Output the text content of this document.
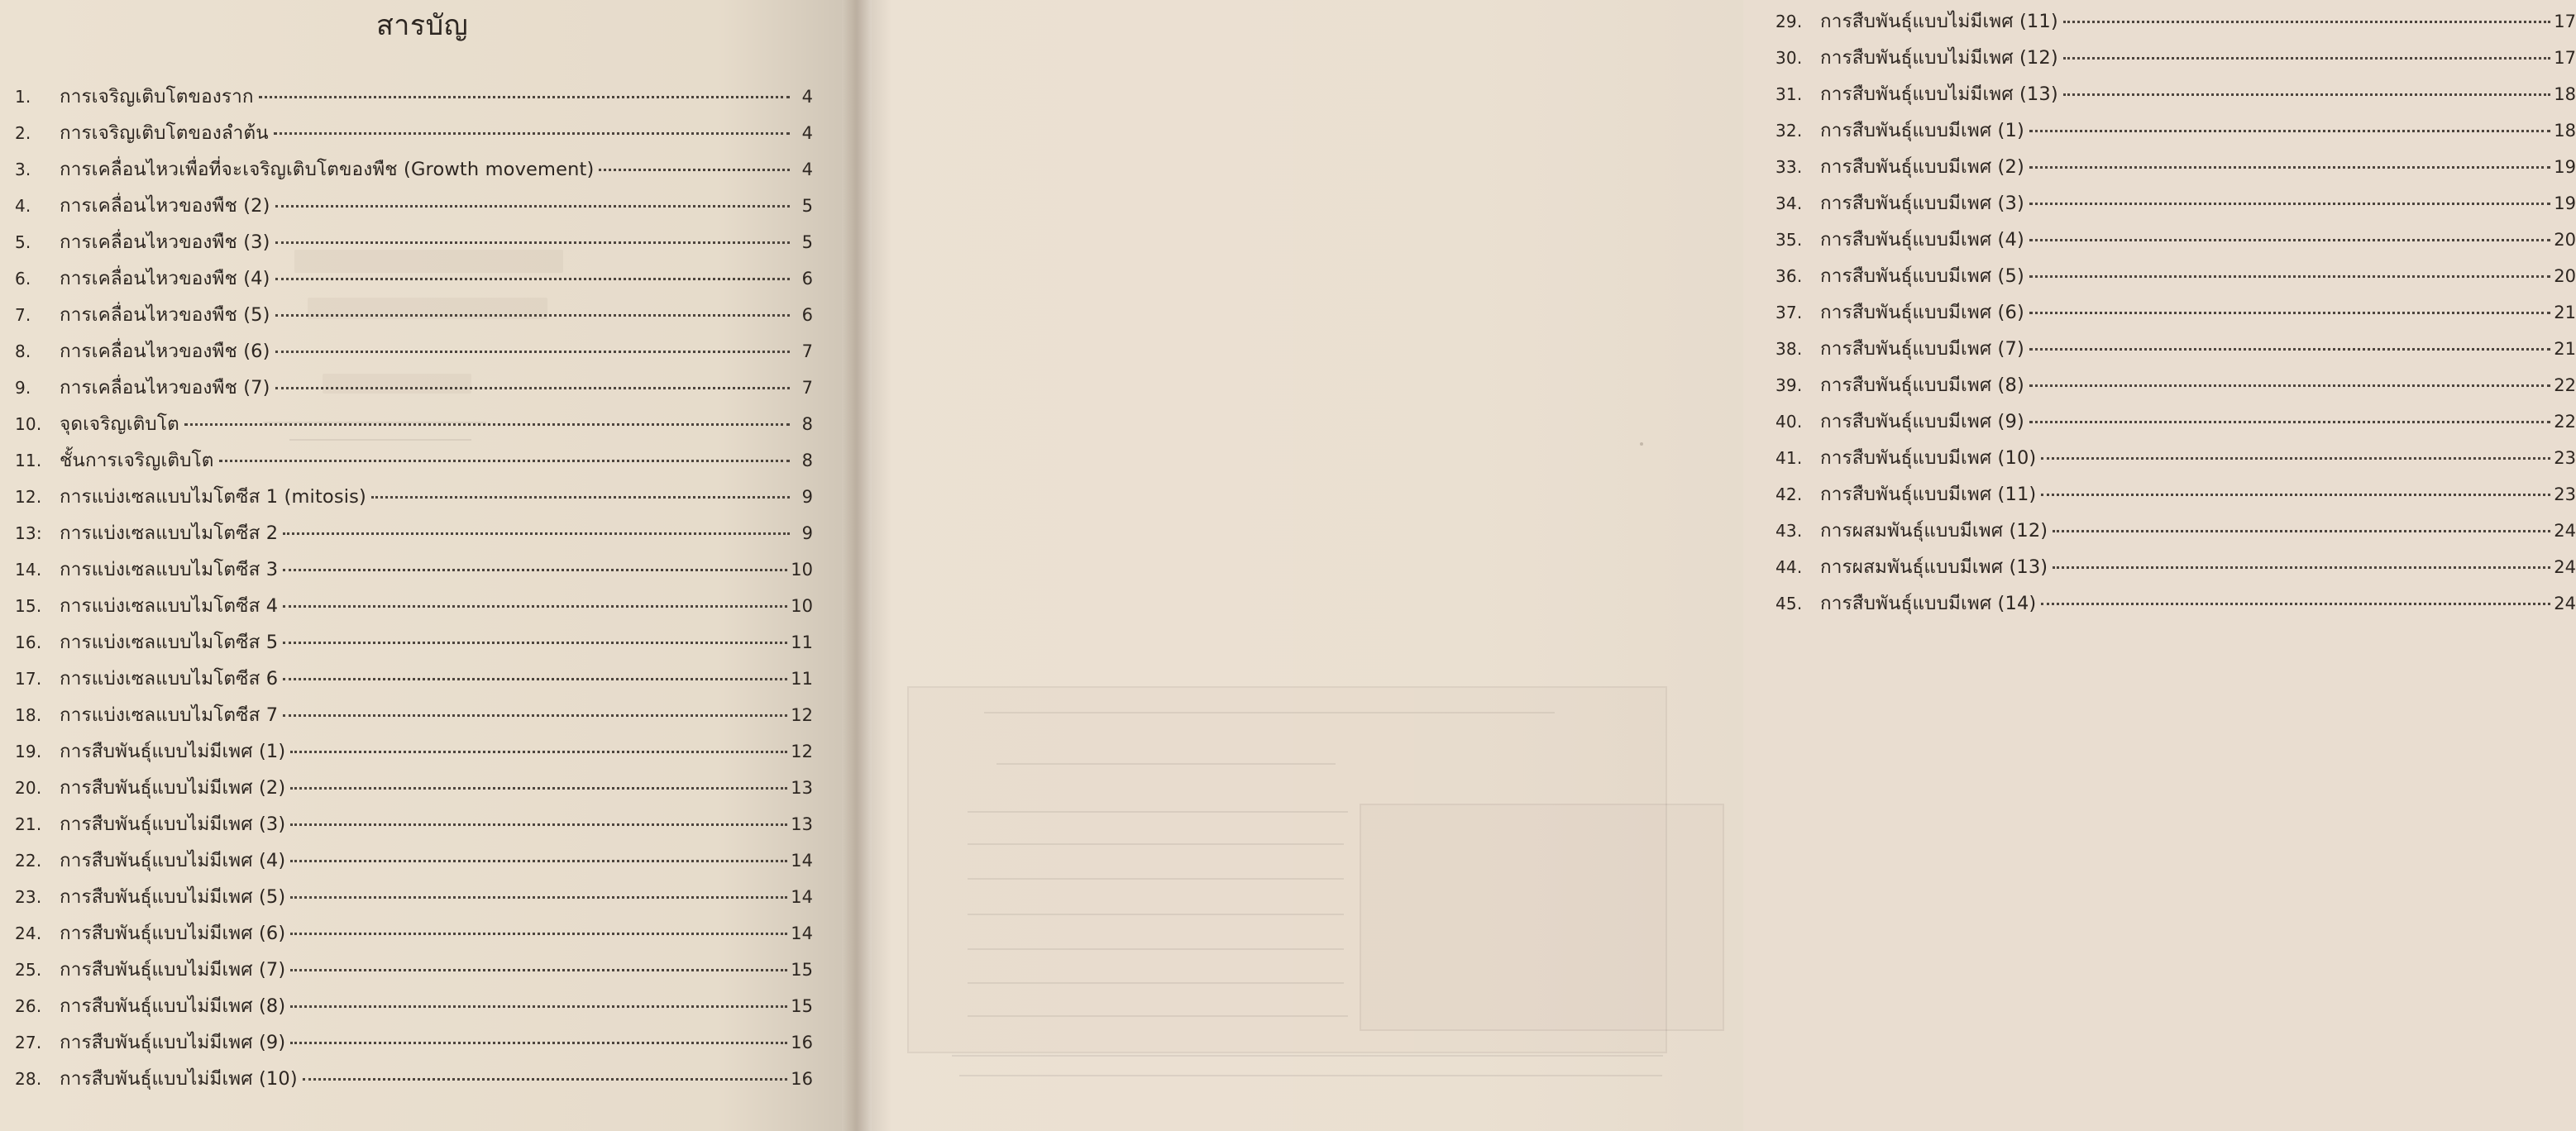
สารบัญ
1.	การเจริญเติบโตของราก	4
2.	การเจริญเติบโตของลำต้น	4
3.	การเคลื่อนไหวเพื่อที่จะเจริญเติบโตของพืช (Growth movement)	4
4.	การเคลื่อนไหวของพืช (2)	5
5.	การเคลื่อนไหวของพืช (3)	5
6.	การเคลื่อนไหวของพืช (4)	6
7.	การเคลื่อนไหวของพืช (5)	6
8.	การเคลื่อนไหวของพืช (6)	7
9.	การเคลื่อนไหวของพืช (7)	7
10. จุดเจริญเติบโต	8
11. ชั้นการเจริญเติบโต	8
12. การแบ่งเซลแบบไมโตซีส 1 (mitosis)	9
13: การแบ่งเซลแบบไมโตซีส 2	9
14. การแบ่งเซลแบบไมโตซีส 3	10
15. การแบ่งเซลแบบไมโตซีส 4	10
16. การแบ่งเซลแบบไมโตซีส 5	11
17. การแบ่งเซลแบบไมโตซีส 6	11
18. การแบ่งเซลแบบไมโตซีส 7	12
19. การสืบพันธุ์แบบไม่มีเพศ (1)	12
20. การสืบพันธุ์แบบไม่มีเพศ (2)	13
21. การสืบพันธุ์แบบไม่มีเพศ (3)	13
22. การสืบพันธุ์แบบไม่มีเพศ (4)	14
23. การสืบพันธุ์แบบไม่มีเพศ (5)	14
24. การสืบพันธุ์แบบไม่มีเพศ (6)	14
25. การสืบพันธุ์แบบไม่มีเพศ (7)	15
26. การสืบพันธุ์แบบไม่มีเพศ (8)	15
27. การสืบพันธุ์แบบไม่มีเพศ (9)	16
28. การสืบพันธุ์แบบไม่มีเพศ (10)	16
29. การสืบพันธุ์แบบไม่มีเพศ (11)	17
30. การสืบพันธุ์แบบไม่มีเพศ (12)	17
31. การสืบพันธุ์แบบไม่มีเพศ (13)	18
32. การสืบพันธุ์แบบมีเพศ (1)	18
33. การสืบพันธุ์แบบมีเพศ (2)	19
34. การสืบพันธุ์แบบมีเพศ (3)	19
35. การสืบพันธุ์แบบมีเพศ (4)	20
36. การสืบพันธุ์แบบมีเพศ (5)	20
37. การสืบพันธุ์แบบมีเพศ (6)	21
38. การสืบพันธุ์แบบมีเพศ (7)	21
39. การสืบพันธุ์แบบมีเพศ (8)	22
40. การสืบพันธุ์แบบมีเพศ (9)	22
41. การสืบพันธุ์แบบมีเพศ (10)	23
42. การสืบพันธุ์แบบมีเพศ (11)	23
43. การผสมพันธุ์แบบมีเพศ (12)	24
44. การผสมพันธุ์แบบมีเพศ (13)	24
45. การสืบพันธุ์แบบมีเพศ (14)	24
